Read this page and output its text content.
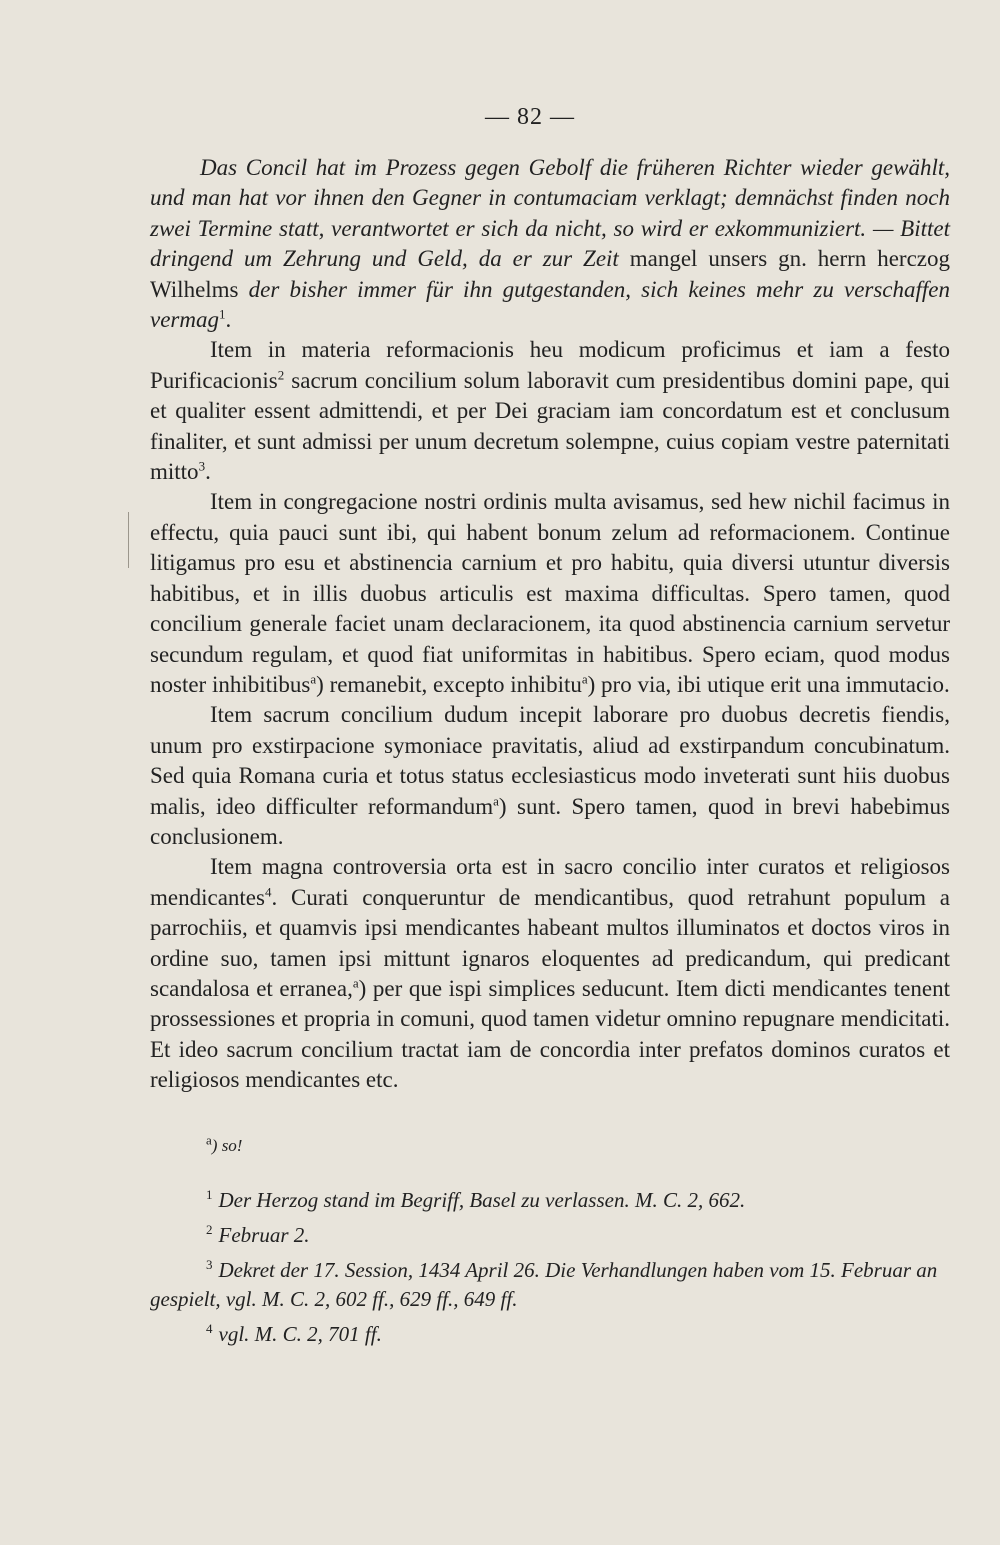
— 82 —

Das Concil hat im Prozess gegen Gebolf die früheren Richter wieder gewählt, und man hat vor ihnen den Gegner in contumaciam verklagt; demnächst finden noch zwei Termine statt, verantwortet er sich da nicht, so wird er exkommuniziert. — Bittet dringend um Zehrung und Geld, da er zur Zeit mangel unsers gn. herrn herczog Wilhelms der bisher immer für ihn gutgestanden, sich keines mehr zu verschaffen vermag$^1$.

Item in materia reformacionis heu modicum proficimus et iam a festo Purificacionis$^2$ sacrum concilium solum laboravit cum presidentibus domini pape, qui et qualiter essent admittendi, et per Dei graciam iam concordatum est et conclusum finaliter, et sunt admissi per unum decretum solempne, cuius copiam vestre paternitati mitto$^3$.

Item in congregacione nostri ordinis multa avisamus, sed hew nichil facimus in effectu, quia pauci sunt ibi, qui habent bonum zelum ad reformacionem. Continue litigamus pro esu et abstinencia carnium et pro habitu, quia diversi utuntur diversis habitibus, et in illis duobus articulis est maxima difficultas. Spero tamen, quod concilium generale faciet unam declaracionem, ita quod abstinencia carnium servetur secundum regulam, et quod fiat uniformitas in habitibus. Spero eciam, quod modus noster inhibitibus$^a$) remanebit, excepto inhibitu$^a$) pro via, ibi utique erit una immutacio.

Item sacrum concilium dudum incepit laborare pro duobus decretis fiendis, unum pro exstirpacione symoniace pravitatis, aliud ad exstirpandum concubinatum. Sed quia Romana curia et totus status ecclesiasticus modo inveterati sunt hiis duobus malis, ideo difficulter reformandum$^a$) sunt. Spero tamen, quod in brevi habebimus conclusionem.

Item magna controversia orta est in sacro concilio inter curatos et religiosos mendicantes$^4$. Curati conqueruntur de mendicantibus, quod retrahunt populum a parrochiis, et quamvis ipsi mendicantes habeant multos illuminatos et doctos viros in ordine suo, tamen ipsi mittunt ignaros eloquentes ad predicandum, qui predicant scandalosa et erranea,$^a$) per que ispi simplices seducunt. Item dicti mendicantes tenent prossessiones et propria in comuni, quod tamen videtur omnino repugnare mendicitati. Et ideo sacrum concilium tractat iam de concordia inter prefatos dominos curatos et religiosos mendicantes etc.

$^a$) so!

$^1$ Der Herzog stand im Begriff, Basel zu verlassen. M. C. 2, 662.

$^2$ Februar 2.

$^3$ Dekret der 17. Session, 1434 April 26. Die Verhandlungen haben vom 15. Februar an gespielt, vgl. M. C. 2, 602 ff., 629 ff., 649 ff.

$^4$ vgl. M. C. 2, 701 ff.
